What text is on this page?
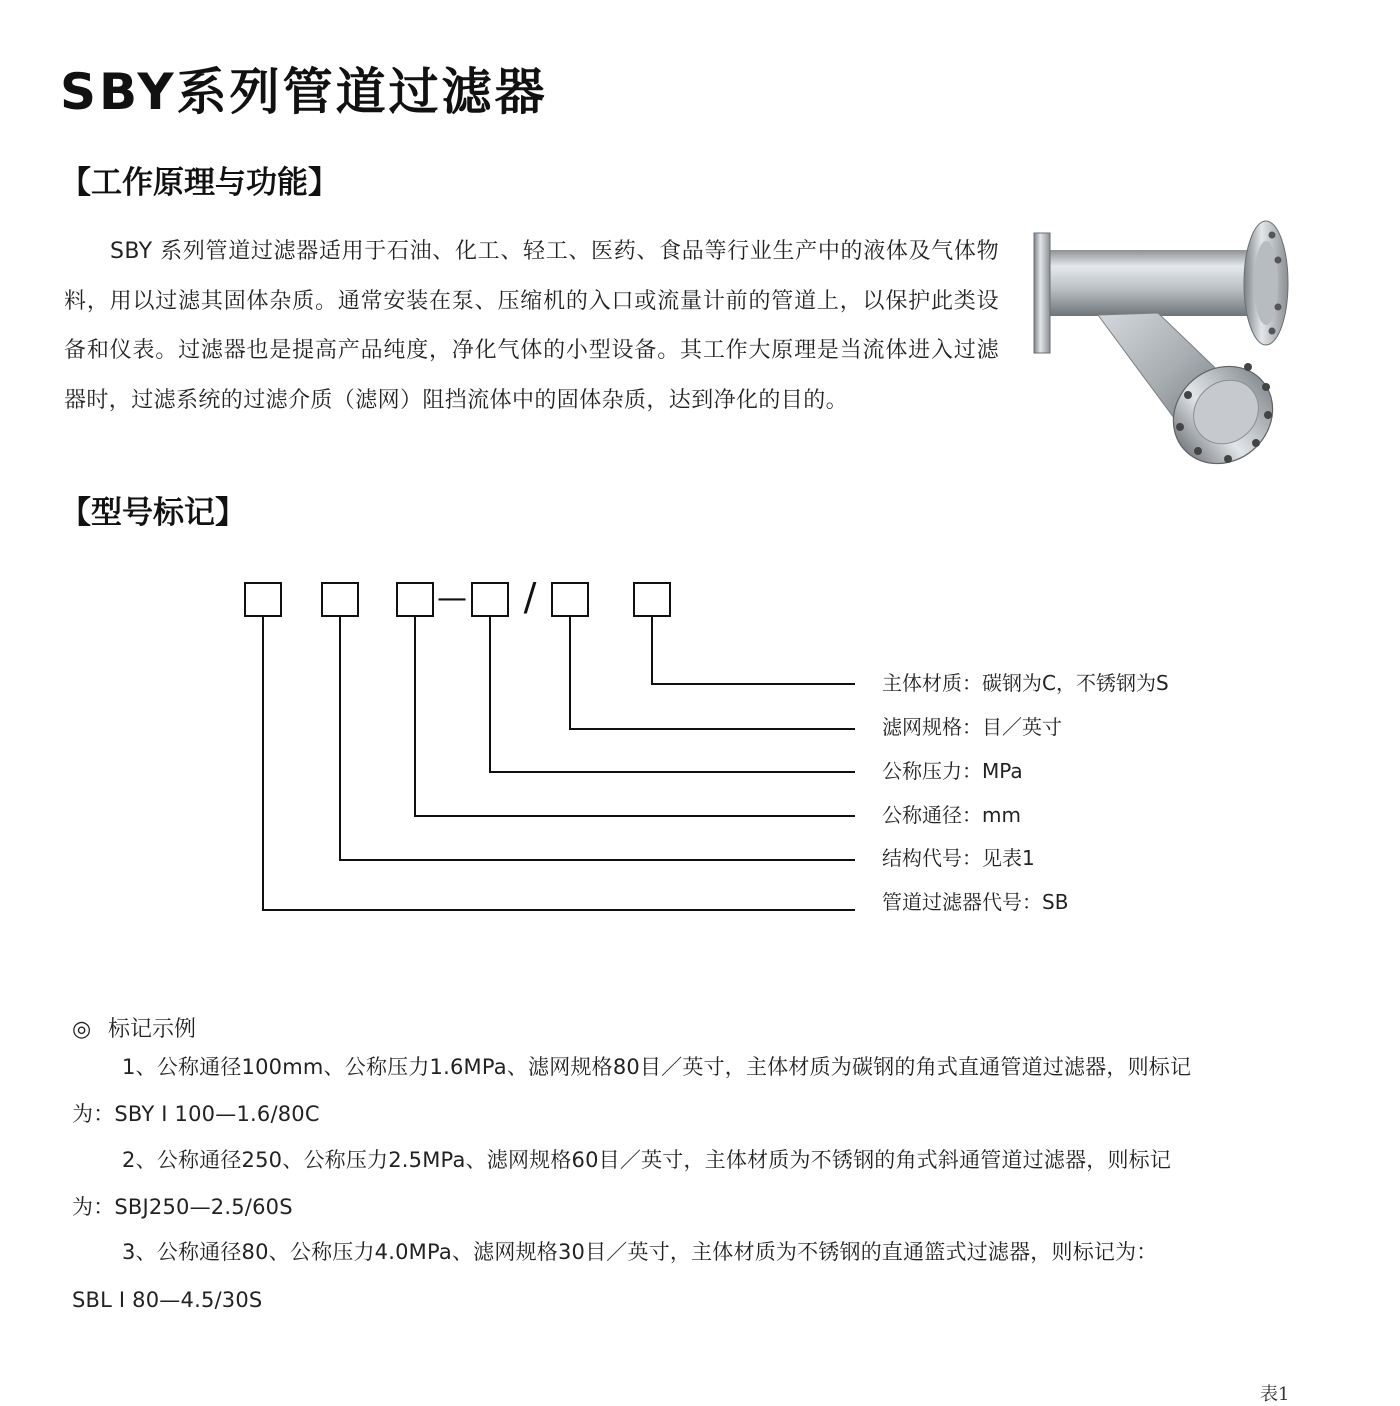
SBY系列管道过滤器
【工作原理与功能】

SBY 系列管道过滤器适用于石油、化工、轻工、医药、食品等行业生产中的液体及气体物料，用以过滤其固体杂质。通常安装在泵、压缩机的入口或流量计前的管道上，以保护此类设备和仪表。过滤器也是提高产品纯度，净化气体的小型设备。其工作大原理是当流体进入过滤器时，过滤系统的过滤介质（滤网）阻挡流体中的固体杂质，达到净化的目的。

【型号标记】
— /
主体材质：碳钢为C，不锈钢为S
滤网规格：目／英寸
公称压力：MPa
公称通径：mm
结构代号：见表1
管道过滤器代号：SB
◎ 标记示例
1、公称通径100mm、公称压力1.6MPa、滤网规格80目／英寸，主体材质为碳钢的角式直通管道过滤器，则标记
为：SBY Ⅰ 100—1.6/80C
2、公称通径250、公称压力2.5MPa、滤网规格60目／英寸，主体材质为不锈钢的角式斜通管道过滤器，则标记
为：SBJ250—2.5/60S
3、公称通径80、公称压力4.0MPa、滤网规格30目／英寸，主体材质为不锈钢的直通篮式过滤器，则标记为：
SBL Ⅰ 80—4.5/30S
表1
